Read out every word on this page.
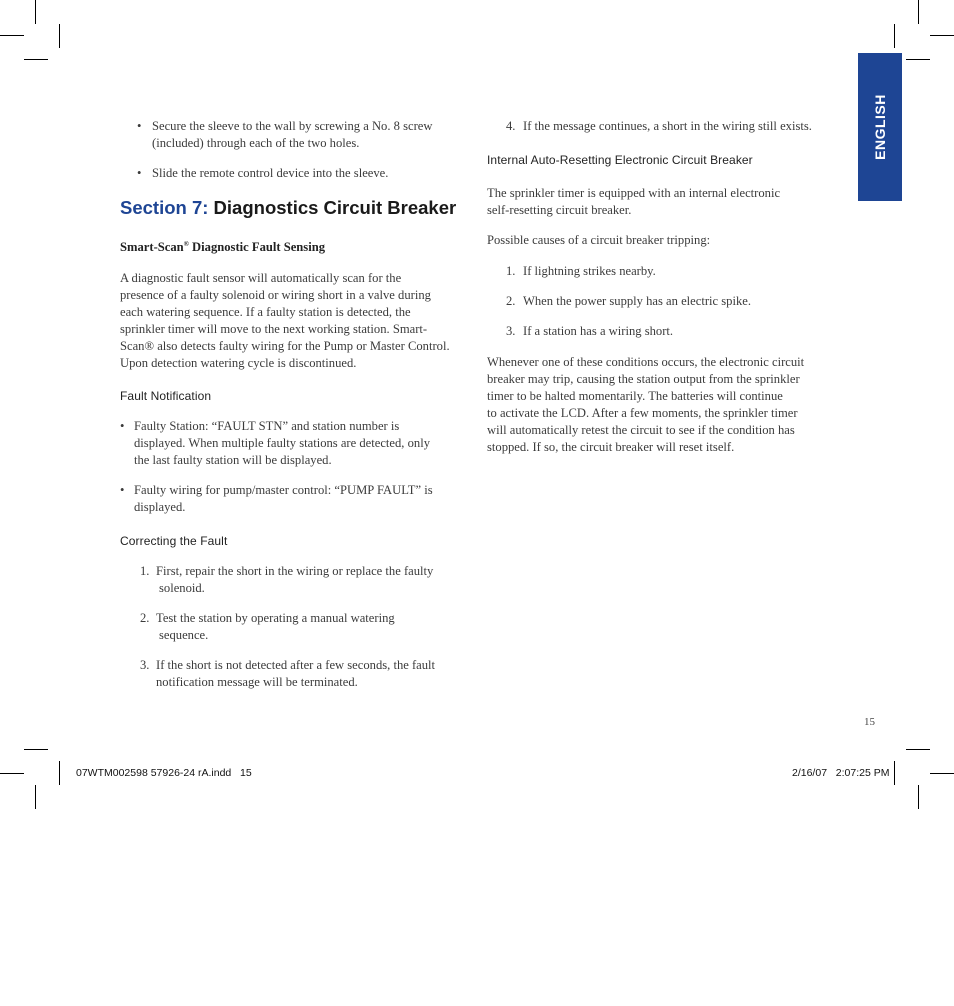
ENGLISH
• Secure the sleeve to the wall by screwing a No. 8 screw
(included) through each of the two holes.
• Slide the remote control device into the sleeve.
Section 7: Diagnostics Circuit Breaker
Smart-Scan® Diagnostic Fault Sensing
A diagnostic fault sensor will automatically scan for the
presence of a faulty solenoid or wiring short in a valve during
each watering sequence. If a faulty station is detected, the
sprinkler timer will move to the next working station. Smart-
Scan® also detects faulty wiring for the Pump or Master Control.
Upon detection watering cycle is discontinued.
Fault Notification
• Faulty Station: “FAULT STN” and station number is
displayed. When multiple faulty stations are detected, only
the last faulty station will be displayed.
• Faulty wiring for pump/master control: “PUMP FAULT” is
displayed.
Correcting the Fault
1. First, repair the short in the wiring or replace the faulty
solenoid.
2. Test the station by operating a manual watering
sequence.
3. If the short is not detected after a few seconds, the fault
notification message will be terminated.
4. If the message continues, a short in the wiring still exists.
Internal Auto-Resetting Electronic Circuit Breaker
The sprinkler timer is equipped with an internal electronic
self-resetting circuit breaker.
Possible causes of a circuit breaker tripping:
1. If lightning strikes nearby.
2. When the power supply has an electric spike.
3. If a station has a wiring short.
Whenever one of these conditions occurs, the electronic circuit
breaker may trip, causing the station output from the sprinkler
timer to be halted momentarily. The batteries will continue
to activate the LCD. After a few moments, the sprinkler timer
will automatically retest the circuit to see if the condition has
stopped. If so, the circuit breaker will reset itself.
15
07WTM002598 57926-24 rA.indd   15	2/16/07   2:07:25 PM
